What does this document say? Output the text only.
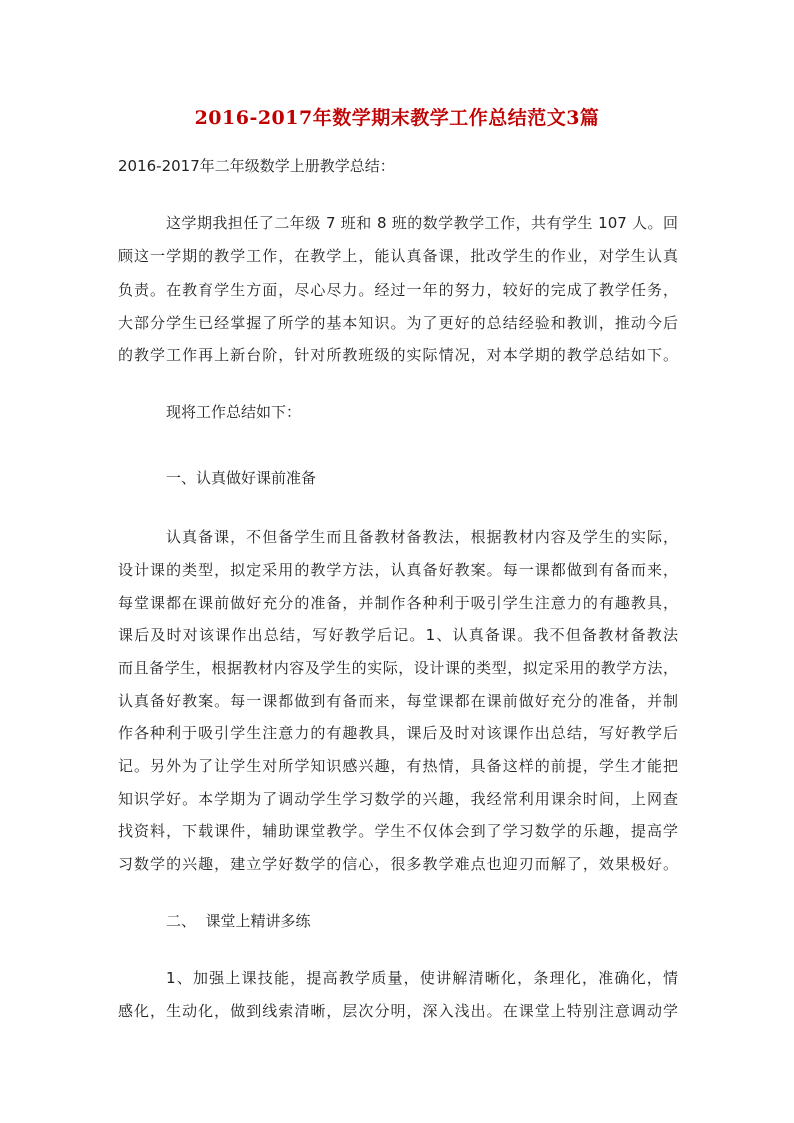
2016-2017年数学期末教学工作总结范文3篇
2016-2017年二年级数学上册教学总结：
这学期我担任了二年级 7 班和 8 班的数学教学工作，共有学生 107 人。回
顾这一学期的教学工作，在教学上，能认真备课，批改学生的作业，对学生认真
负责。在教育学生方面，尽心尽力。经过一年的努力，较好的完成了教学任务，
大部分学生已经掌握了所学的基本知识。为了更好的总结经验和教训，推动今后
的教学工作再上新台阶，针对所教班级的实际情况，对本学期的教学总结如下。
现将工作总结如下：
一、认真做好课前准备
认真备课，不但备学生而且备教材备教法，根据教材内容及学生的实际，
设计课的类型，拟定采用的教学方法，认真备好教案。每一课都做到有备而来，
每堂课都在课前做好充分的准备，并制作各种利于吸引学生注意力的有趣教具，
课后及时对该课作出总结，写好教学后记。1、认真备课。我不但备教材备教法
而且备学生，根据教材内容及学生的实际，设计课的类型，拟定采用的教学方法，
认真备好教案。每一课都做到有备而来，每堂课都在课前做好充分的准备，并制
作各种利于吸引学生注意力的有趣教具，课后及时对该课作出总结，写好教学后
记。另外为了让学生对所学知识感兴趣，有热情，具备这样的前提，学生才能把
知识学好。本学期为了调动学生学习数学的兴趣，我经常利用课余时间，上网查
找资料，下载课件，辅助课堂教学。学生不仅体会到了学习数学的乐趣，提高学
习数学的兴趣，建立学好数学的信心，很多教学难点也迎刃而解了，效果极好。
二、  课堂上精讲多练
1、加强上课技能，提高教学质量，使讲解清晰化，条理化，准确化，情
感化，生动化，做到线索清晰，层次分明，深入浅出。在课堂上特别注意调动学
